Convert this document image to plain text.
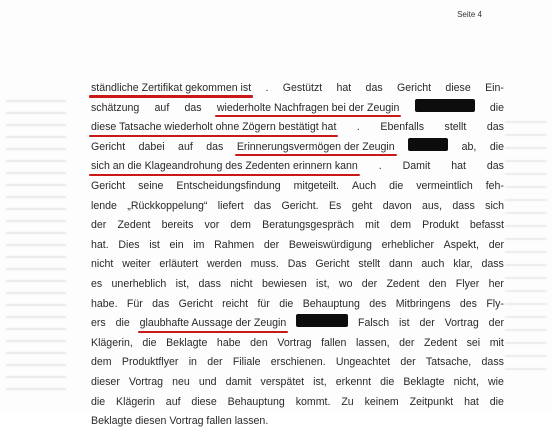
Seite 4
ständliche Zertifikat gekommen ist . Gestützt hat das Gericht diese Ein-
schätzung auf das wiederholte Nachfragen bei der Zeugin	die
diese Tatsache wiederholt ohne Zögern bestätigt hat . Ebenfalls stellt das
Gericht dabei auf das Erinnerungsvermögen der Zeugin	ab, die
sich an die Klageandrohung des Zedenten erinnern kann . Damit hat das
Gericht seine Entscheidungsfindung mitgeteilt. Auch die vermeintlich feh-
lende „Rückkoppelung“ liefert das Gericht. Es geht davon aus, dass sich
der Zedent bereits vor dem Beratungsgespräch mit dem Produkt befasst
hat. Dies ist ein im Rahmen der Beweiswürdigung erheblicher Aspekt, der
nicht weiter erläutert werden muss. Das Gericht stellt dann auch klar, dass
es unerheblich ist, dass nicht bewiesen ist, wo der Zedent den Flyer her
habe. Für das Gericht reicht für die Behauptung des Mitbringens des Fly-
ers die glaubhafte Aussage der Zeugin	Falsch ist der Vortrag der
Klägerin, die Beklagte habe den Vortrag fallen lassen, der Zedent sei mit
dem Produktflyer in der Filiale erschienen. Ungeachtet der Tatsache, dass
dieser Vortrag neu und damit verspätet ist, erkennt die Beklagte nicht, wie
die Klägerin auf diese Behauptung kommt. Zu keinem Zeitpunkt hat die
Beklagte diesen Vortrag fallen lassen.
